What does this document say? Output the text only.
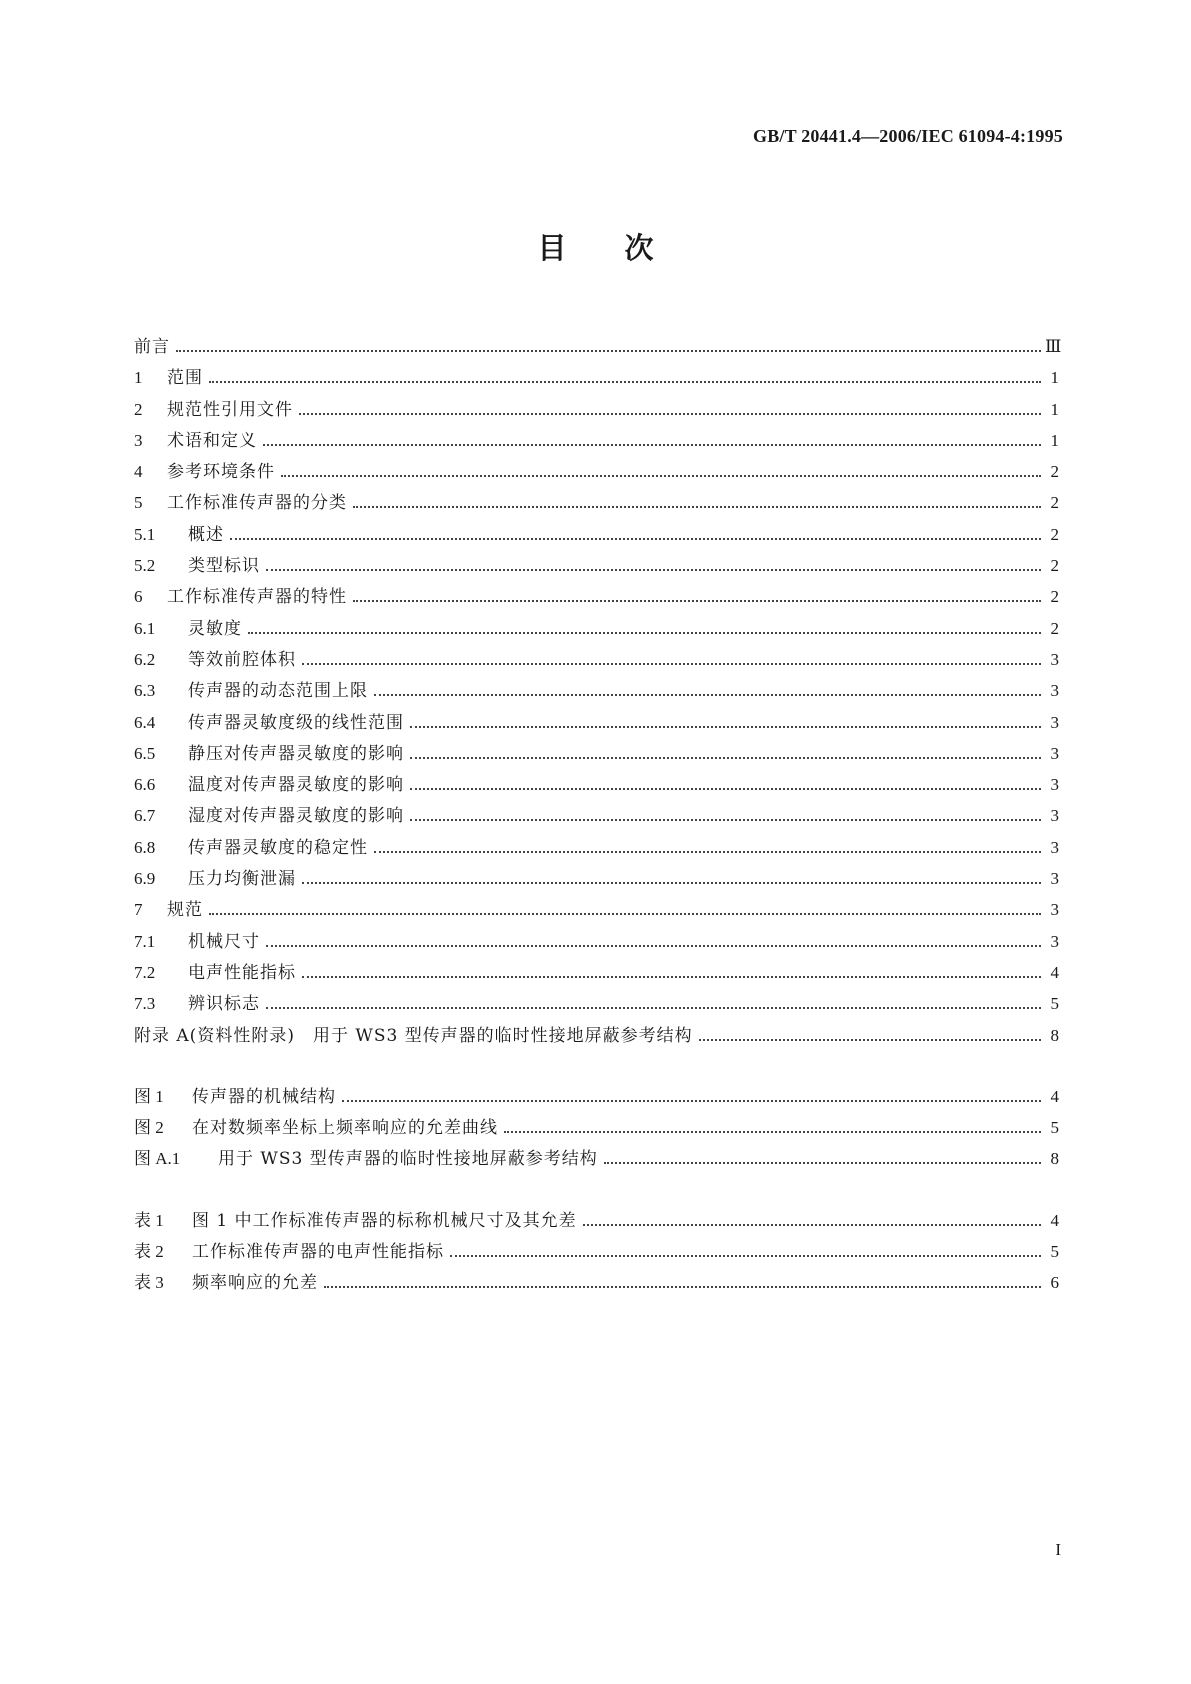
GB/T 20441.4—2006/IEC 61094-4:1995
目 次
前言	Ⅲ
1	范围	1
2	规范性引用文件	1
3	术语和定义	1
4	参考环境条件	2
5	工作标准传声器的分类	2
5.1	概述	2
5.2	类型标识	2
6	工作标准传声器的特性	2
6.1	灵敏度	2
6.2	等效前腔体积	3
6.3	传声器的动态范围上限	3
6.4	传声器灵敏度级的线性范围	3
6.5	静压对传声器灵敏度的影响	3
6.6	温度对传声器灵敏度的影响	3
6.7	湿度对传声器灵敏度的影响	3
6.8	传声器灵敏度的稳定性	3
6.9	压力均衡泄漏	3
7	规范	3
7.1	机械尺寸	3
7.2	电声性能指标	4
7.3	辨识标志	5
附录 A(资料性附录)　用于 WS3 型传声器的临时性接地屏蔽参考结构	8
图 1	传声器的机械结构	4
图 2	在对数频率坐标上频率响应的允差曲线	5
图 A.1	用于 WS3 型传声器的临时性接地屏蔽参考结构	8
表 1	图 1 中工作标准传声器的标称机械尺寸及其允差	4
表 2	工作标准传声器的电声性能指标	5
表 3	频率响应的允差	6
I
